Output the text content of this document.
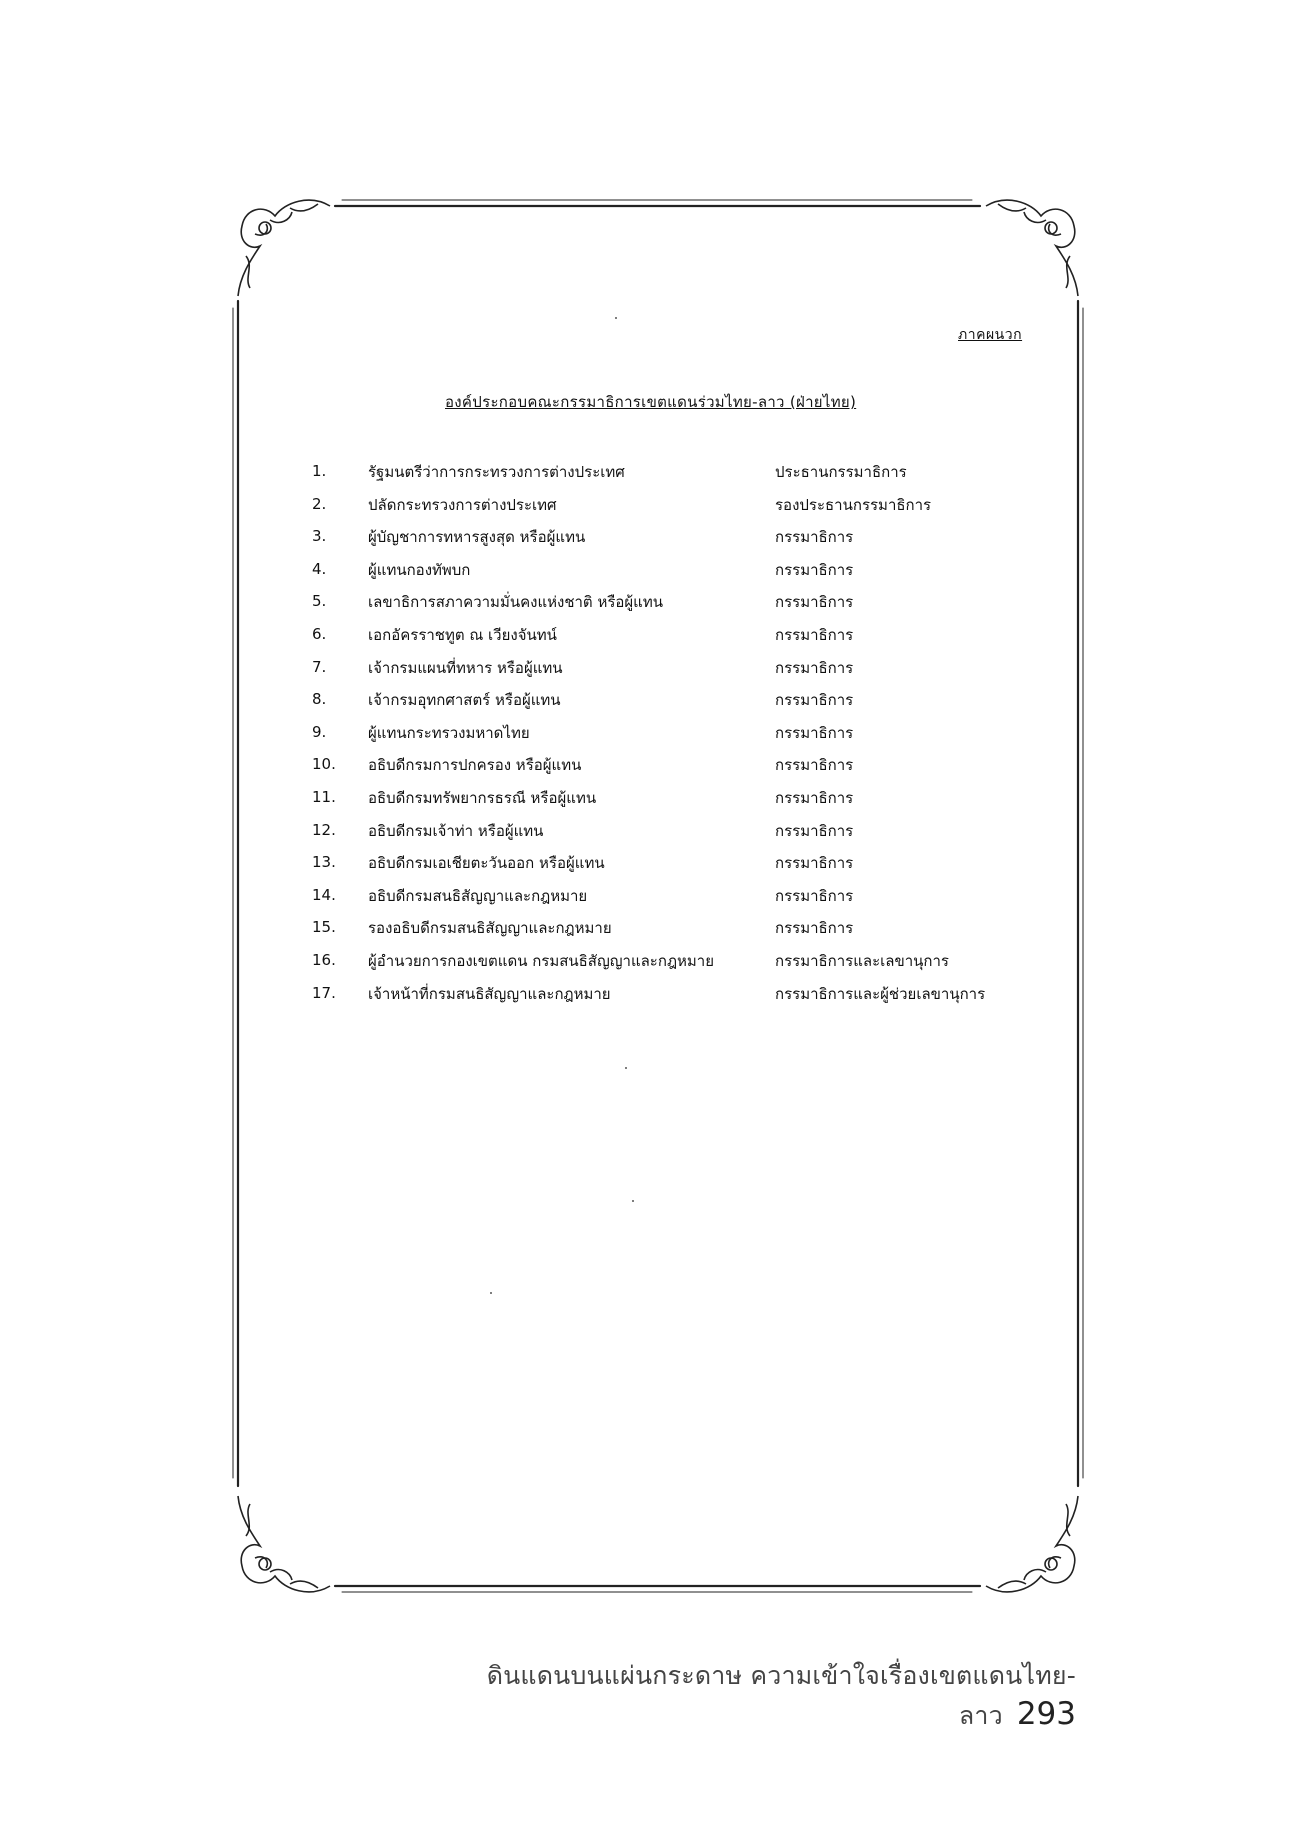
ภาคผนวก
องค์ประกอบคณะกรรมาธิการเขตแดนร่วมไทย-ลาว (ฝ่ายไทย)
1.	รัฐมนตรีว่าการกระทรวงการต่างประเทศ	ประธานกรรมาธิการ
2.	ปลัดกระทรวงการต่างประเทศ	รองประธานกรรมาธิการ
3.	ผู้บัญชาการทหารสูงสุด หรือผู้แทน	กรรมาธิการ
4.	ผู้แทนกองทัพบก	กรรมาธิการ
5.	เลขาธิการสภาความมั่นคงแห่งชาติ หรือผู้แทน	กรรมาธิการ
6.	เอกอัครราชทูต ณ เวียงจันทน์	กรรมาธิการ
7.	เจ้ากรมแผนที่ทหาร หรือผู้แทน	กรรมาธิการ
8.	เจ้ากรมอุทกศาสตร์ หรือผู้แทน	กรรมาธิการ
9.	ผู้แทนกระทรวงมหาดไทย	กรรมาธิการ
10.	อธิบดีกรมการปกครอง หรือผู้แทน	กรรมาธิการ
11.	อธิบดีกรมทรัพยากรธรณี หรือผู้แทน	กรรมาธิการ
12.	อธิบดีกรมเจ้าท่า หรือผู้แทน	กรรมาธิการ
13.	อธิบดีกรมเอเชียตะวันออก หรือผู้แทน	กรรมาธิการ
14.	อธิบดีกรมสนธิสัญญาและกฎหมาย	กรรมาธิการ
15.	รองอธิบดีกรมสนธิสัญญาและกฎหมาย	กรรมาธิการ
16.	ผู้อำนวยการกองเขตแดน กรมสนธิสัญญาและกฎหมาย	กรรมาธิการและเลขานุการ
17.	เจ้าหน้าที่กรมสนธิสัญญาและกฎหมาย	กรรมาธิการและผู้ช่วยเลขานุการ
ดินแดนบนแผ่นกระดาษ ความเข้าใจเรื่องเขตแดนไทย-ลาว 293
